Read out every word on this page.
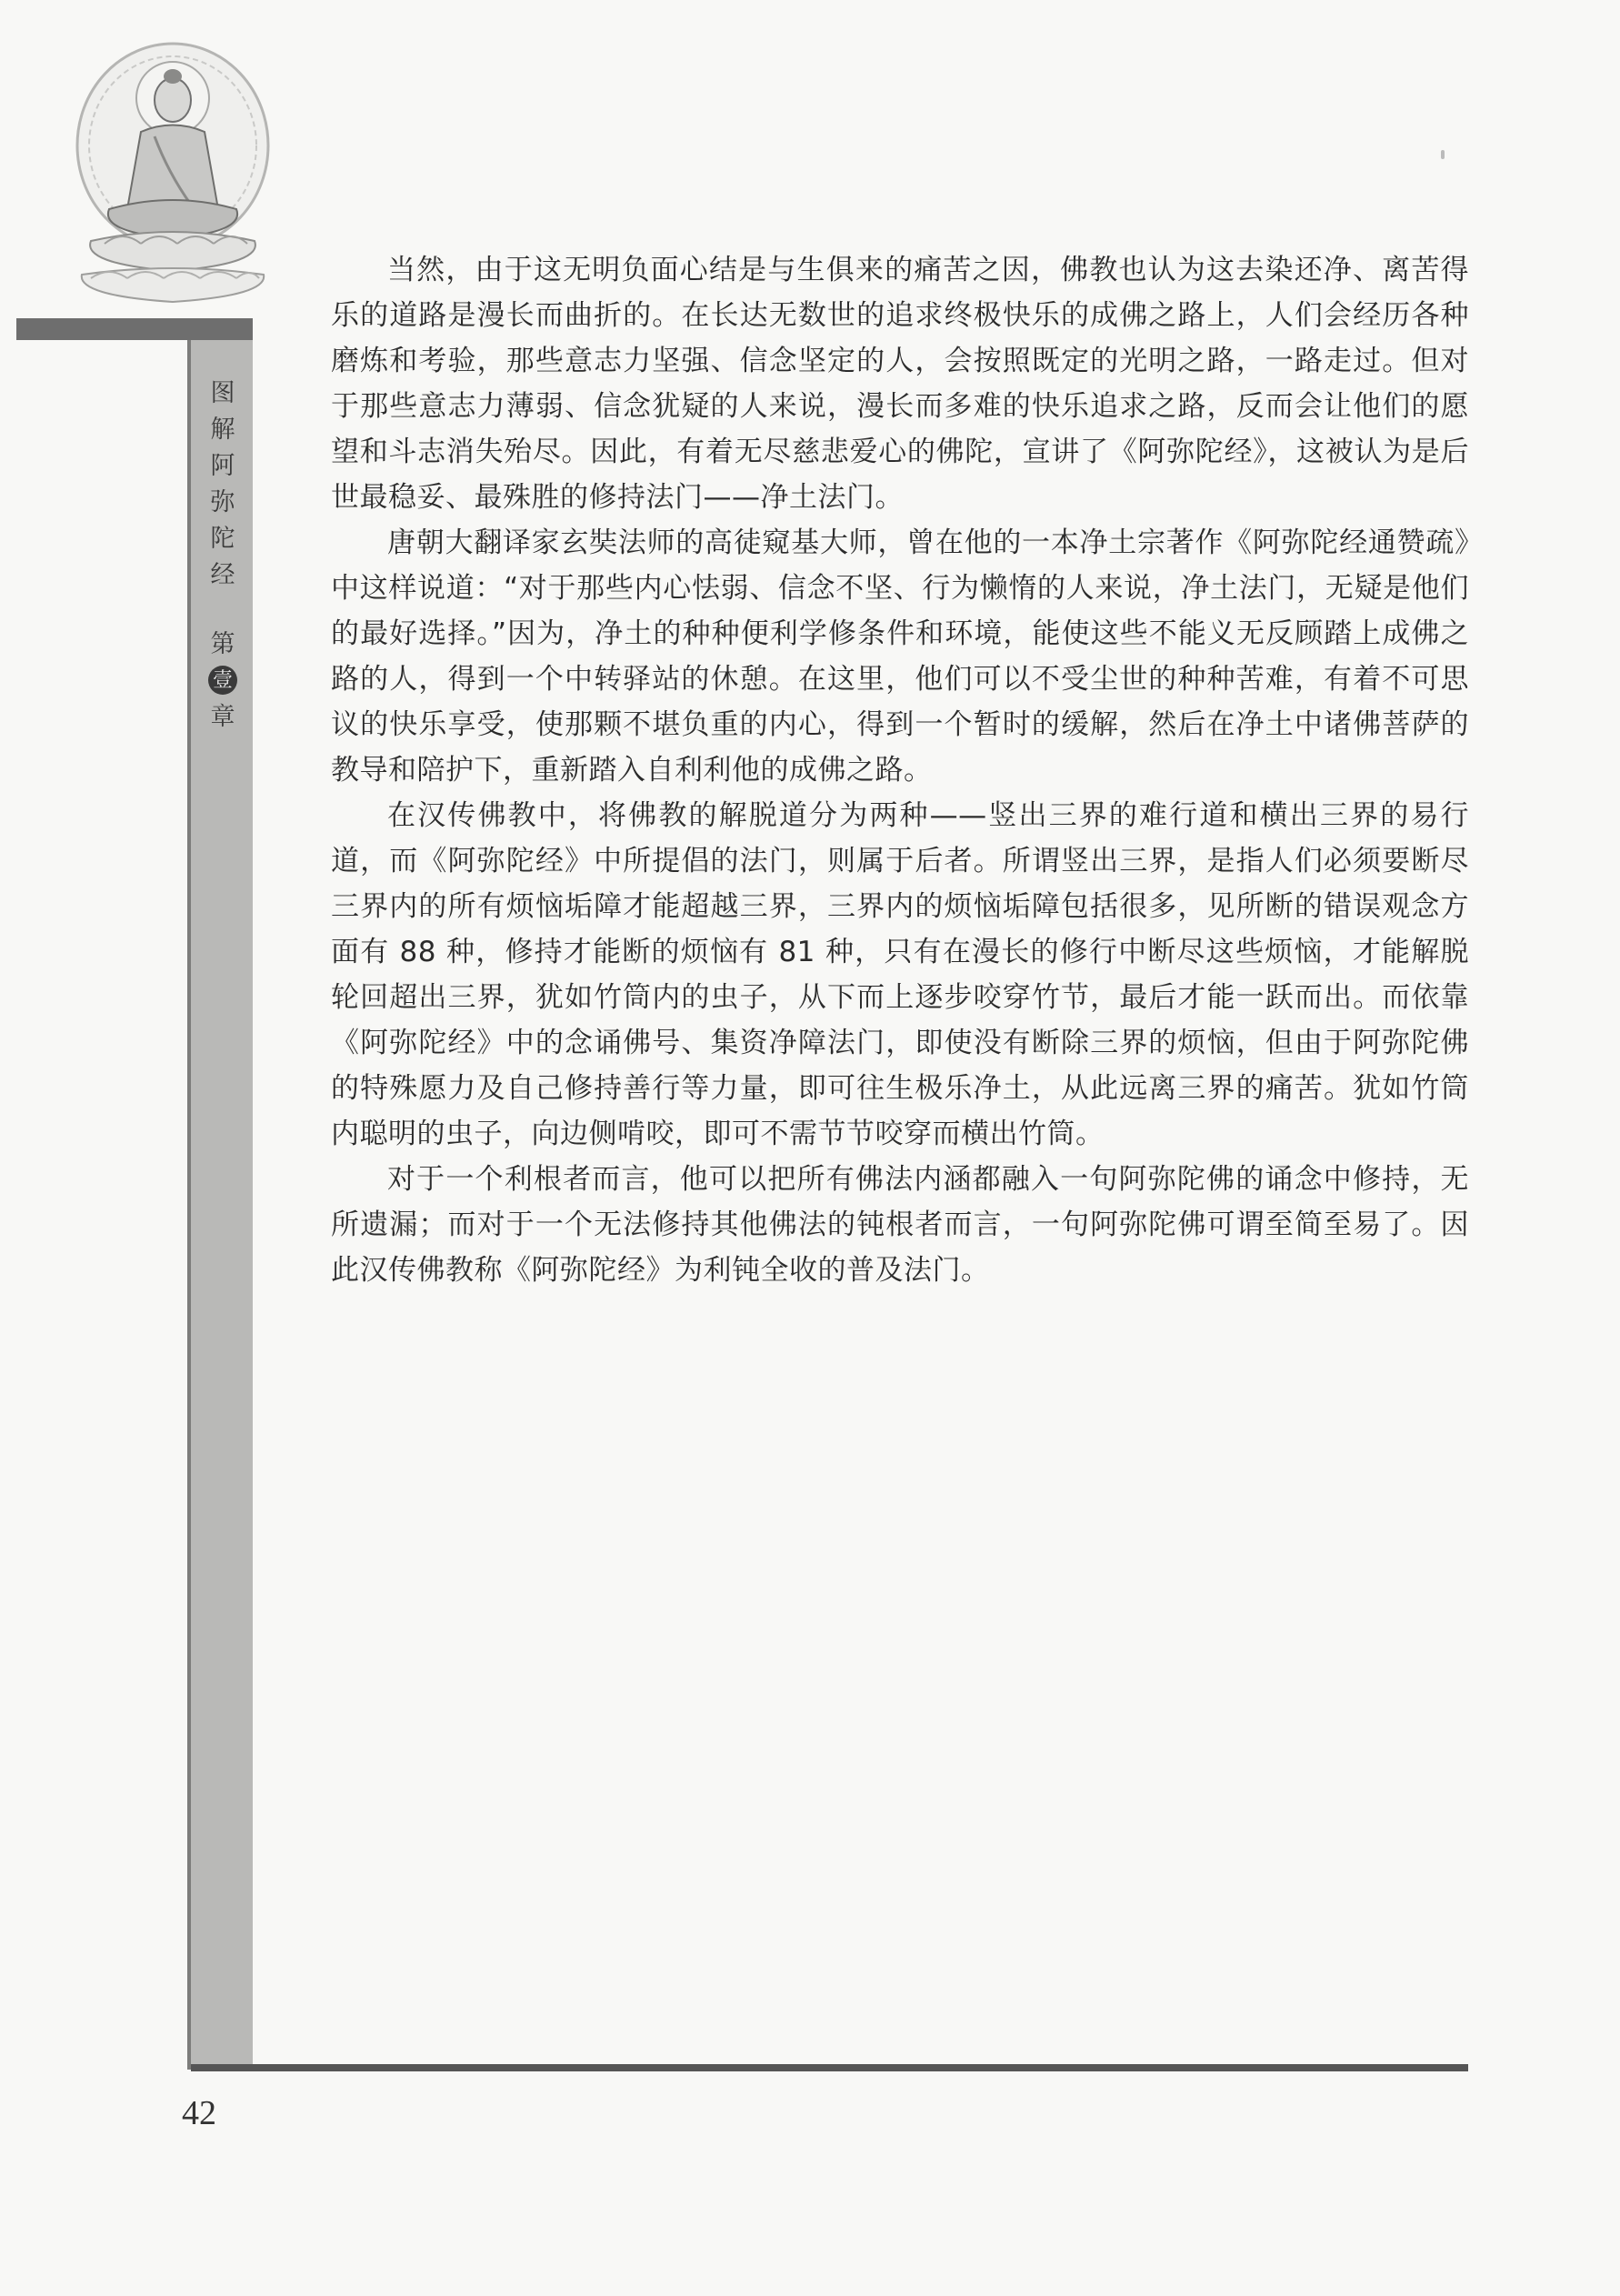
图
解
阿
弥
陀
经
第
壹
章

当然，由于这无明负面心结是与生俱来的痛苦之因，佛教也认为这去染还净、离苦得乐的道路是漫长而曲折的。在长达无数世的追求终极快乐的成佛之路上，人们会经历各种磨炼和考验，那些意志力坚强、信念坚定的人，会按照既定的光明之路，一路走过。但对于那些意志力薄弱、信念犹疑的人来说，漫长而多难的快乐追求之路，反而会让他们的愿望和斗志消失殆尽。因此，有着无尽慈悲爱心的佛陀，宣讲了《阿弥陀经》，这被认为是后世最稳妥、最殊胜的修持法门——净土法门。

唐朝大翻译家玄奘法师的高徒窥基大师，曾在他的一本净土宗著作《阿弥陀经通赞疏》中这样说道：“对于那些内心怯弱、信念不坚、行为懒惰的人来说，净土法门，无疑是他们的最好选择。”因为，净土的种种便利学修条件和环境，能使这些不能义无反顾踏上成佛之路的人，得到一个中转驿站的休憩。在这里，他们可以不受尘世的种种苦难，有着不可思议的快乐享受，使那颗不堪负重的内心，得到一个暂时的缓解，然后在净土中诸佛菩萨的教导和陪护下，重新踏入自利利他的成佛之路。

在汉传佛教中，将佛教的解脱道分为两种——竖出三界的难行道和横出三界的易行道，而《阿弥陀经》中所提倡的法门，则属于后者。所谓竖出三界，是指人们必须要断尽三界内的所有烦恼垢障才能超越三界，三界内的烦恼垢障包括很多，见所断的错误观念方面有 88 种，修持才能断的烦恼有 81 种，只有在漫长的修行中断尽这些烦恼，才能解脱轮回超出三界，犹如竹筒内的虫子，从下而上逐步咬穿竹节，最后才能一跃而出。而依靠《阿弥陀经》中的念诵佛号、集资净障法门，即使没有断除三界的烦恼，但由于阿弥陀佛的特殊愿力及自己修持善行等力量，即可往生极乐净土，从此远离三界的痛苦。犹如竹筒内聪明的虫子，向边侧啃咬，即可不需节节咬穿而横出竹筒。

对于一个利根者而言，他可以把所有佛法内涵都融入一句阿弥陀佛的诵念中修持，无所遗漏；而对于一个无法修持其他佛法的钝根者而言，一句阿弥陀佛可谓至简至易了。因此汉传佛教称《阿弥陀经》为利钝全收的普及法门。

42
